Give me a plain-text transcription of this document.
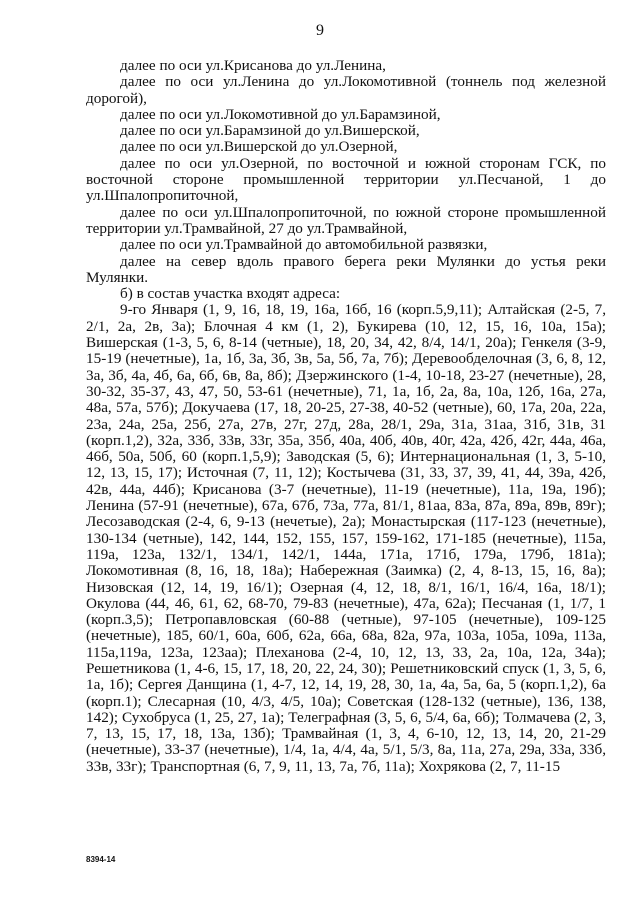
9

далее по оси ул.Крисанова до ул.Ленина,

далее по оси ул.Ленина до ул.Локомотивной (тоннель под железной дорогой),

далее по оси ул.Локомотивной до ул.Барамзиной,

далее по оси ул.Барамзиной до ул.Вишерской,

далее по оси ул.Вишерской до ул.Озерной,

далее по оси ул.Озерной, по восточной и южной сторонам ГСК, по восточной стороне промышленной территории ул.Песчаной, 1 до ул.Шпалопропиточной,

далее по оси ул.Шпалопропиточной, по южной стороне промышленной территории ул.Трамвайной, 27 до ул.Трамвайной,

далее по оси ул.Трамвайной до автомобильной развязки,

далее на север вдоль правого берега реки Мулянки до устья реки Мулянки.

б) в состав участка входят адреса:

9-го Января (1, 9, 16, 18, 19, 16а, 16б, 16 (корп.5,9,11); Алтайская (2-5, 7, 2/1, 2а, 2в, 3а); Блочная 4 км (1, 2), Букирева (10, 12, 15, 16, 10а, 15а); Вишерская (1-3, 5, 6, 8-14 (четные), 18, 20, 34, 42, 8/4, 14/1, 20а); Генкеля (3-9, 15-19 (нечетные), 1а, 1б, 3а, 3б, 3в, 5а, 5б, 7а, 7б); Деревообделочная (3, 6, 8, 12, 3а, 3б, 4а, 4б, 6а, 6б, 6в, 8а, 8б); Дзержинского (1-4, 10-18, 23-27 (нечетные), 28, 30-32, 35-37, 43, 47, 50, 53-61 (нечетные), 71, 1а, 1б, 2а, 8а, 10а, 12б, 16а, 27а, 48а, 57а, 57б); Докучаева (17, 18, 20-25, 27-38, 40-52 (четные), 60, 17а, 20а, 22а, 23а, 24а, 25а, 25б, 27а, 27в, 27г, 27д, 28а, 28/1, 29а, 31а, 31аа, 31б, 31в, 31 (корп.1,2), 32а, 33б, 33в, 33г, 35а, 35б, 40а, 40б, 40в, 40г, 42а, 42б, 42г, 44а, 46а, 46б, 50а, 50б, 60 (корп.1,5,9); Заводская (5, 6); Интернациональная (1, 3, 5-10, 12, 13, 15, 17); Источная (7, 11, 12); Костычева (31, 33, 37, 39, 41, 44, 39а, 42б, 42в, 44а, 44б); Крисанова (3-7 (нечетные), 11-19 (нечетные), 11а, 19а, 19б); Ленина (57-91 (нечетные), 67а, 67б, 73а, 77а, 81/1, 81аа, 83а, 87а, 89а, 89в, 89г); Лесозаводская (2-4, 6, 9-13 (нечетые), 2а); Монастырская (117-123 (нечетные), 130-134 (четные), 142, 144, 152, 155, 157, 159-162, 171-185 (нечетные), 115а, 119а, 123а, 132/1, 134/1, 142/1, 144а, 171а, 171б, 179а, 179б, 181а); Локомотивная (8, 16, 18, 18а); Набережная (Заимка) (2, 4, 8-13, 15, 16, 8а); Низовская (12, 14, 19, 16/1); Озерная (4, 12, 18, 8/1, 16/1, 16/4, 16а, 18/1); Окулова (44, 46, 61, 62, 68-70, 79-83 (нечетные), 47а, 62а); Песчаная (1, 1/7, 1 (корп.3,5); Петропавловская (60-88 (четные), 97-105 (нечетные), 109-125 (нечетные), 185, 60/1, 60а, 60б, 62а, 66а, 68а, 82а, 97а, 103а, 105а, 109а, 113а, 115а,119а, 123а, 123аа); Плеханова (2-4, 10, 12, 13, 33, 2а, 10а, 12а, 34а); Решетникова (1, 4-6, 15, 17, 18, 20, 22, 24, 30); Решетниковский спуск (1, 3, 5, 6, 1а, 1б); Сергея Данщина (1, 4-7, 12, 14, 19, 28, 30, 1а, 4а, 5а, 6а, 5 (корп.1,2), 6а (корп.1); Слесарная (10, 4/3, 4/5, 10а); Советская (128-132 (четные), 136, 138, 142); Сухобруса (1, 25, 27, 1а); Телеграфная (3, 5, 6, 5/4, 6а, 6б); Толмачева (2, 3, 7, 13, 15, 17, 18, 13а, 13б); Трамвайная (1, 3, 4, 6-10, 12, 13, 14, 20, 21-29 (нечетные), 33-37 (нечетные), 1/4, 1а, 4/4, 4а, 5/1, 5/3, 8а, 11а, 27а, 29а, 33а, 33б, 33в, 33г); Транспортная (6, 7, 9, 11, 13, 7а, 7б, 11а); Хохрякова (2, 7, 11-15

8394-14
